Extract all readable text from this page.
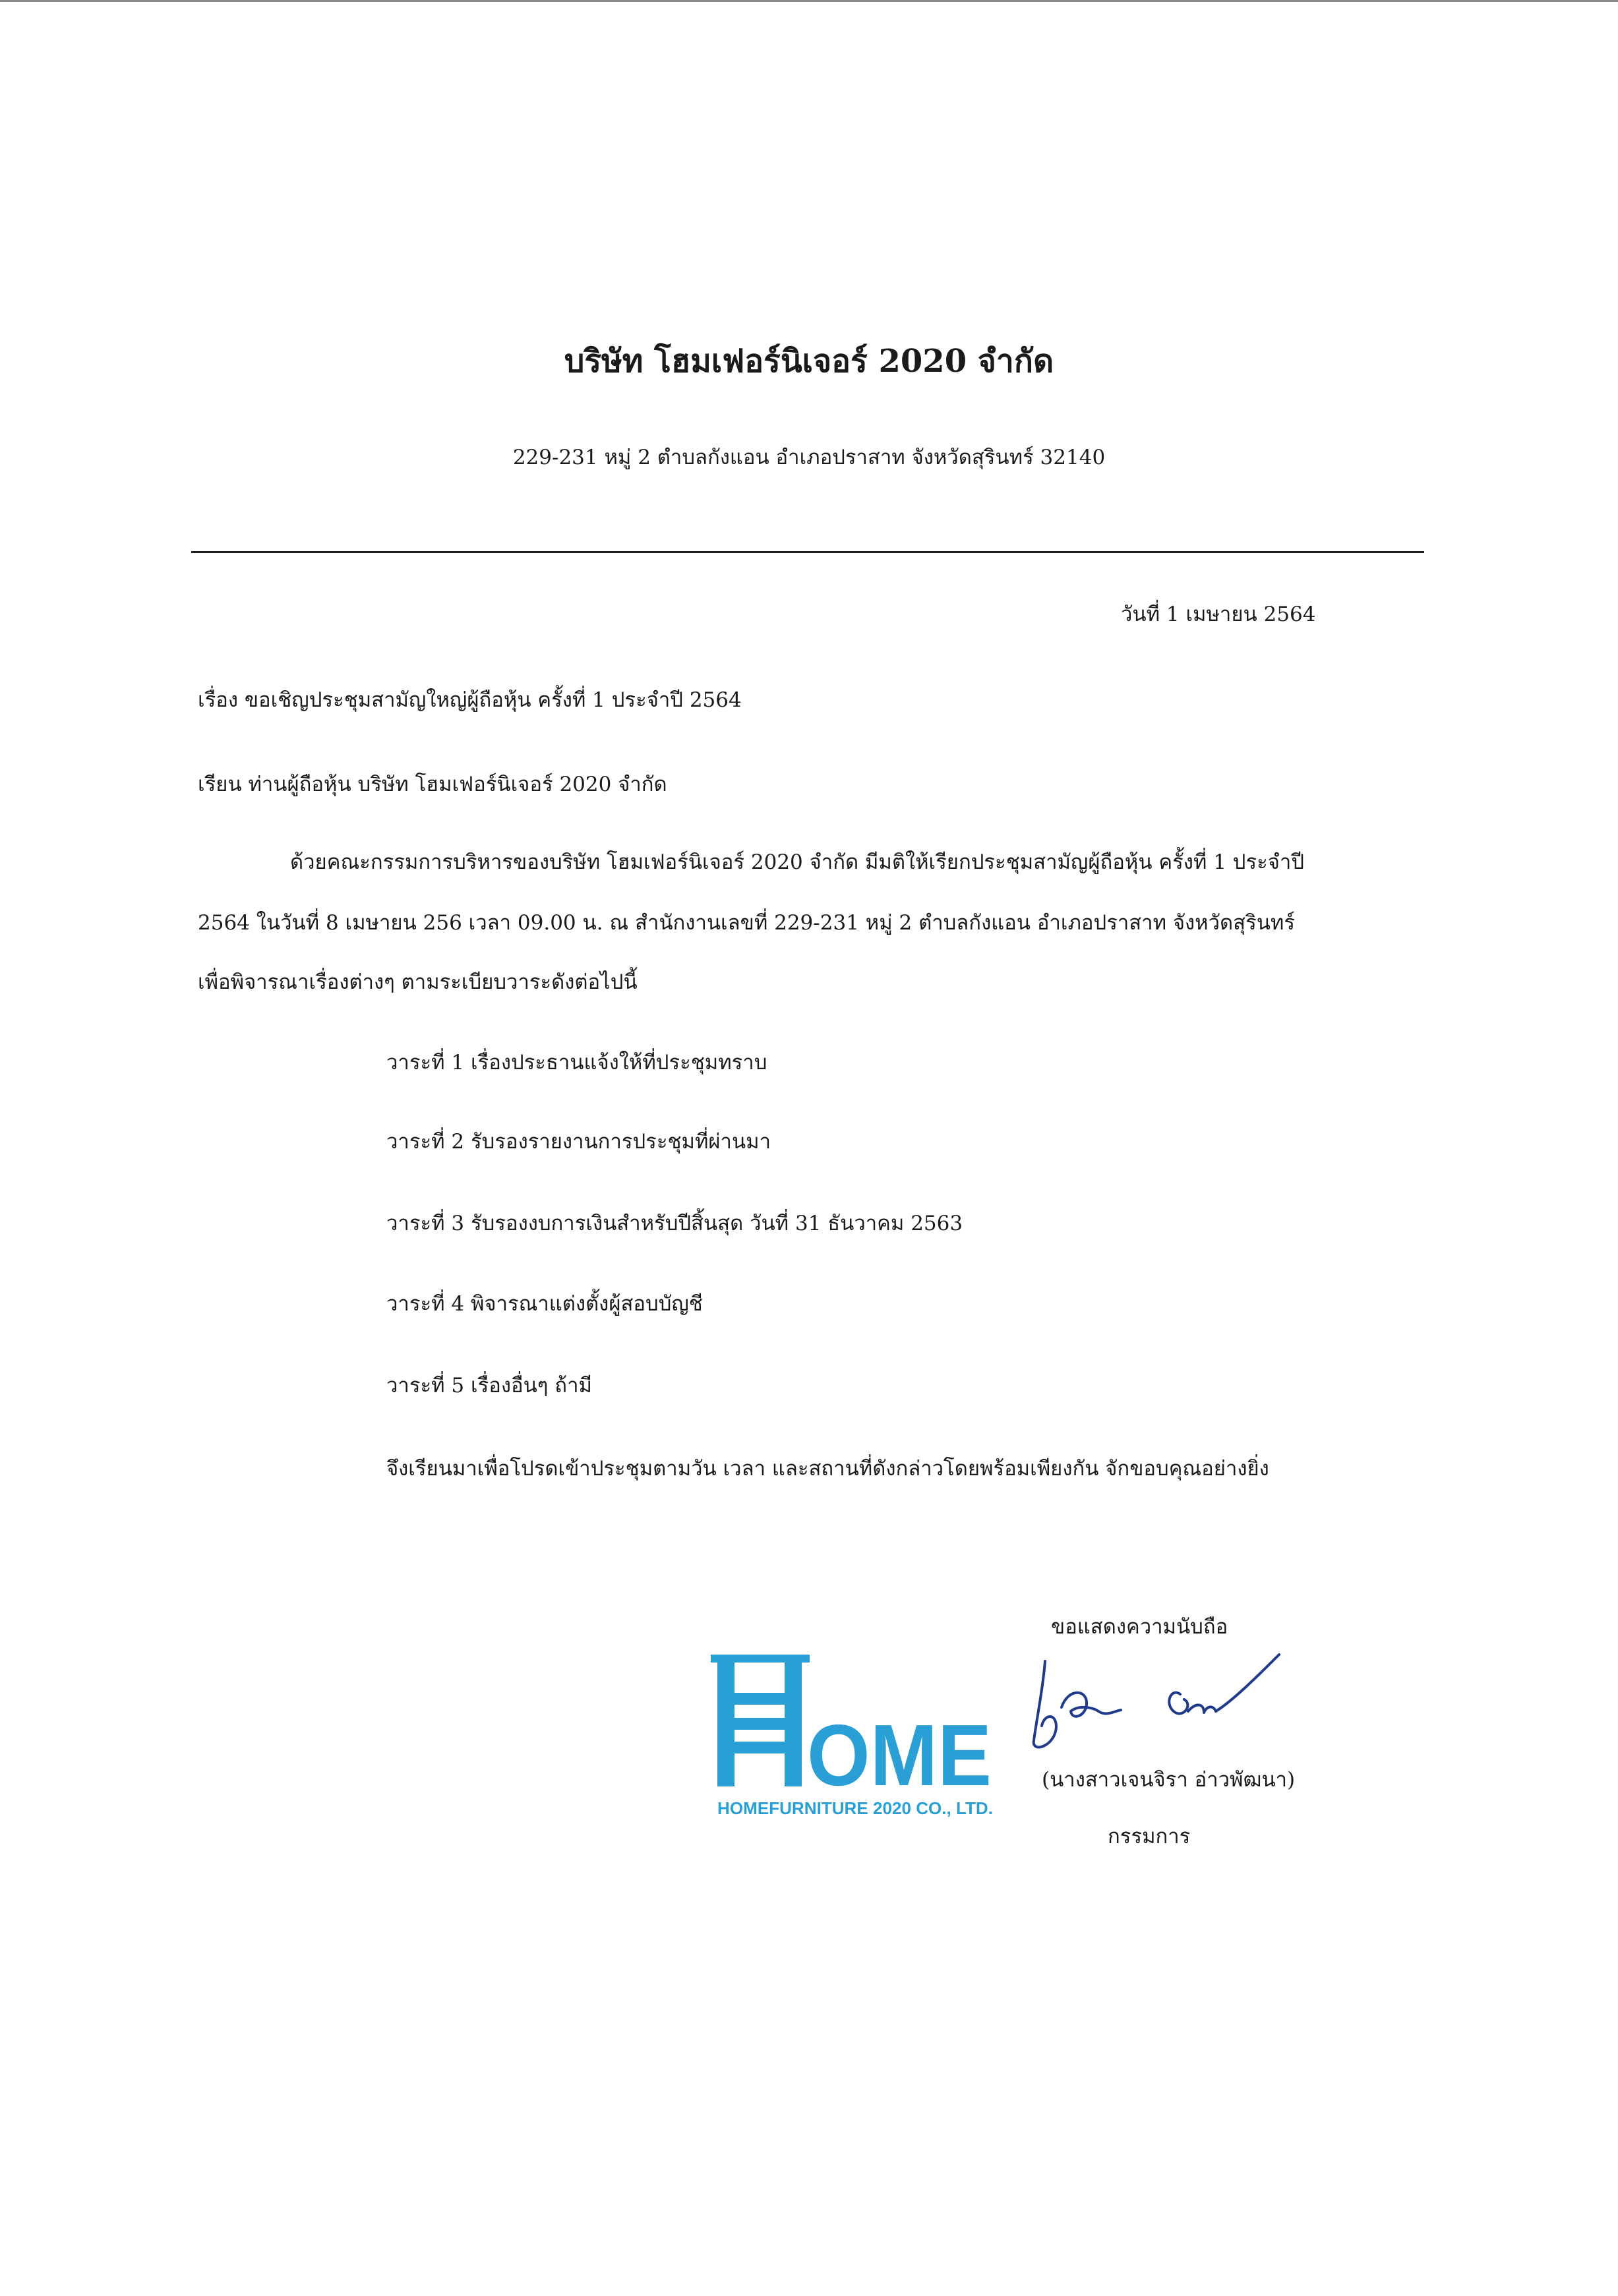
บริษัท โฮมเฟอร์นิเจอร์ 2020 จำกัด
229-231 หมู่ 2 ตำบลกังแอน อำเภอปราสาท จังหวัดสุรินทร์ 32140
วันที่ 1 เมษายน 2564
เรื่อง ขอเชิญประชุมสามัญใหญ่ผู้ถือหุ้น ครั้งที่ 1 ประจำปี 2564
เรียน ท่านผู้ถือหุ้น บริษัท โฮมเฟอร์นิเจอร์ 2020 จำกัด
ด้วยคณะกรรมการบริหารของบริษัท โฮมเฟอร์นิเจอร์ 2020 จำกัด มีมติให้เรียกประชุมสามัญผู้ถือหุ้น ครั้งที่ 1 ประจำปี
2564 ในวันที่ 8 เมษายน 256 เวลา 09.00 น. ณ สำนักงานเลขที่ 229-231 หมู่ 2 ตำบลกังแอน อำเภอปราสาท จังหวัดสุรินทร์
เพื่อพิจารณาเรื่องต่างๆ ตามระเบียบวาระดังต่อไปนี้
วาระที่ 1 เรื่องประธานแจ้งให้ที่ประชุมทราบ
วาระที่ 2 รับรองรายงานการประชุมที่ผ่านมา
วาระที่ 3 รับรองงบการเงินสำหรับปีสิ้นสุด วันที่ 31 ธันวาคม 2563
วาระที่ 4 พิจารณาแต่งตั้งผู้สอบบัญชี
วาระที่ 5 เรื่องอื่นๆ ถ้ามี
จึงเรียนมาเพื่อโปรดเข้าประชุมตามวัน เวลา และสถานที่ดังกล่าวโดยพร้อมเพียงกัน จักขอบคุณอย่างยิ่ง
ขอแสดงความนับถือ
OME
HOMEFURNITURE 2020 CO., LTD.
(นางสาวเจนจิรา อ่าวพัฒนา)
กรรมการ
